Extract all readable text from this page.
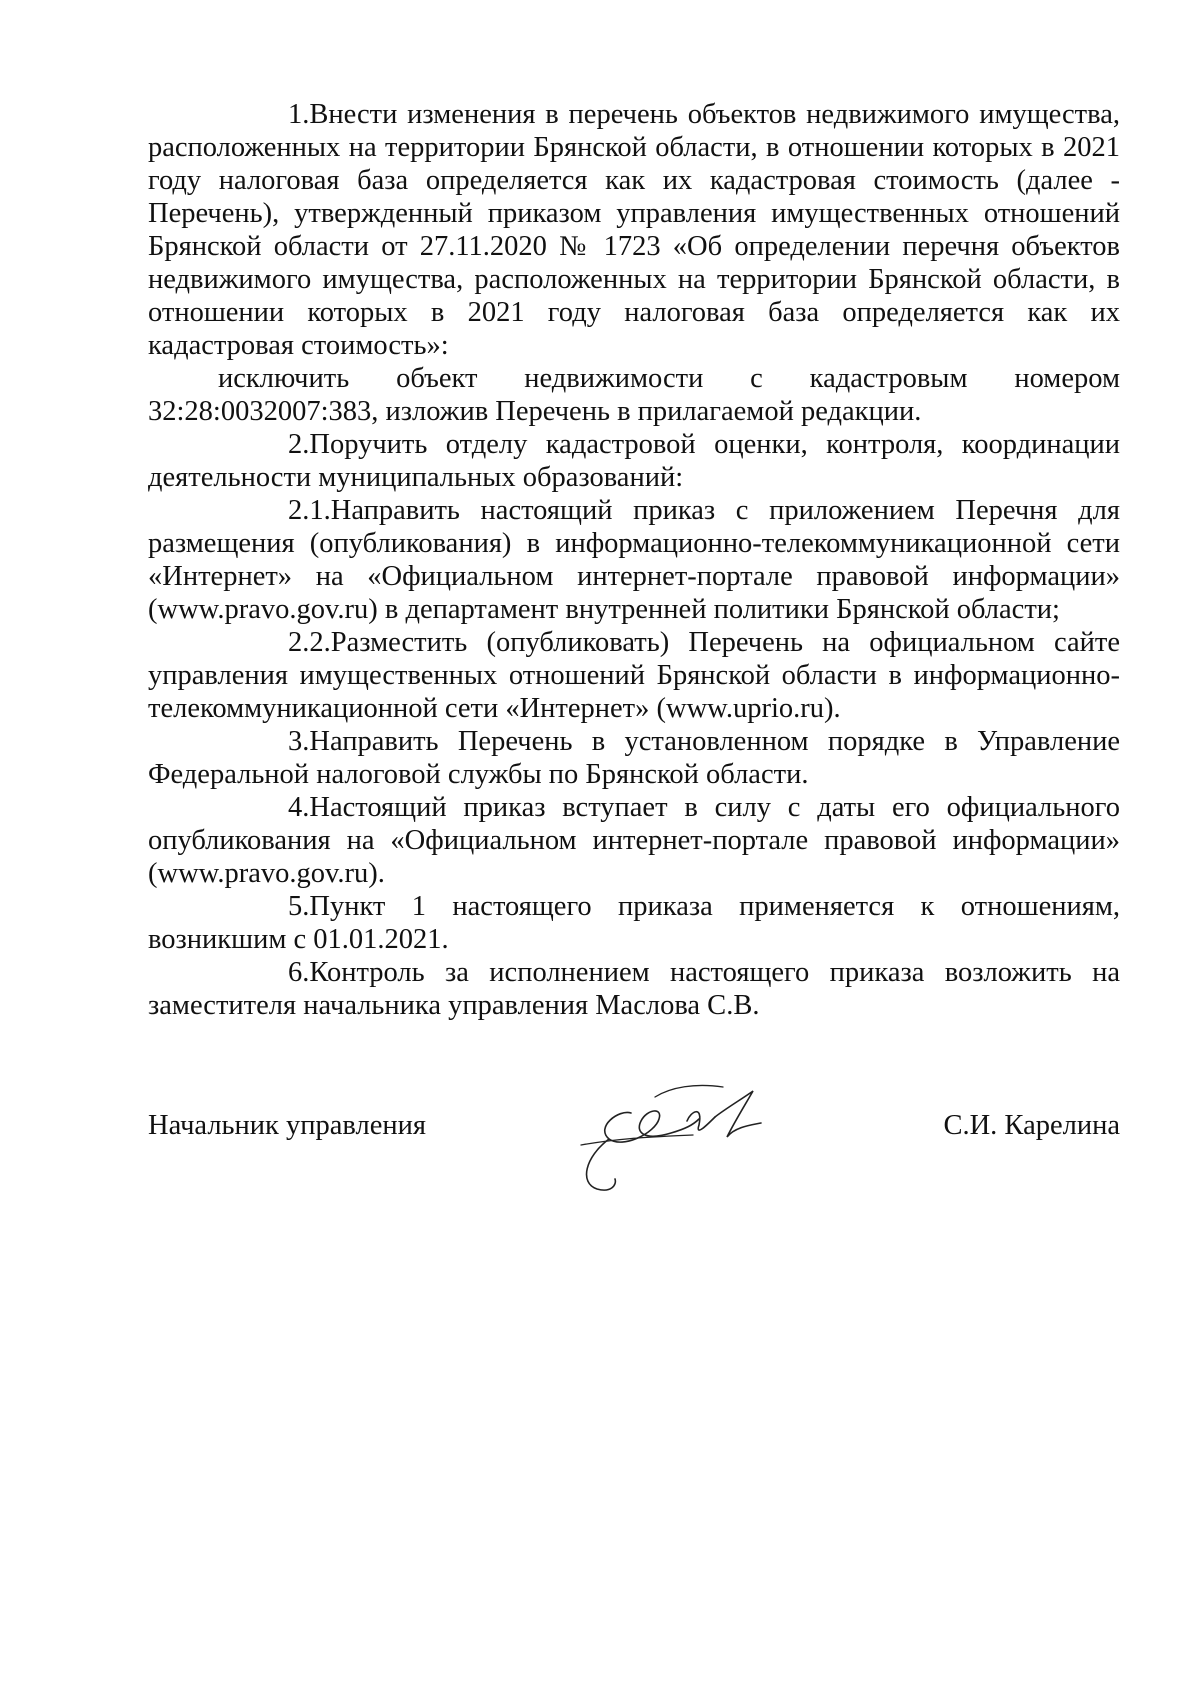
1.Внести изменения в перечень объектов недвижимого имущества, расположенных на территории Брянской области, в отношении которых в 2021 году налоговая база определяется как их кадастровая стоимость (далее - Перечень), утвержденный приказом управления имущественных отношений Брянской области от 27.11.2020 № 1723 «Об определении перечня объектов недвижимого имущества, расположенных на территории Брянской области, в отношении которых в 2021 году налоговая база определяется как их кадастровая стоимость»:

исключить объект недвижимости с кадастровым номером 32:28:0032007:383, изложив Перечень в прилагаемой редакции.

2.Поручить отделу кадастровой оценки, контроля, координации деятельности муниципальных образований:

2.1.Направить настоящий приказ с приложением Перечня для размещения (опубликования) в информационно-телекоммуникационной сети «Интернет» на «Официальном интернет-портале правовой информации» (www.pravo.gov.ru) в департамент внутренней политики Брянской области;

2.2.Разместить (опубликовать) Перечень на официальном сайте управления имущественных отношений Брянской области в информационно-телекоммуникационной сети «Интернет» (www.uprio.ru).

3.Направить Перечень в установленном порядке в Управление Федеральной налоговой службы по Брянской области.

4.Настоящий приказ вступает в силу с даты его официального опубликования на «Официальном интернет-портале правовой информации» (www.pravo.gov.ru).

5.Пункт 1 настоящего приказа применяется к отношениям, возникшим с 01.01.2021.

6.Контроль за исполнением настоящего приказа возложить на заместителя начальника управления Маслова С.В.

Начальник управления	С.И. Карелина
